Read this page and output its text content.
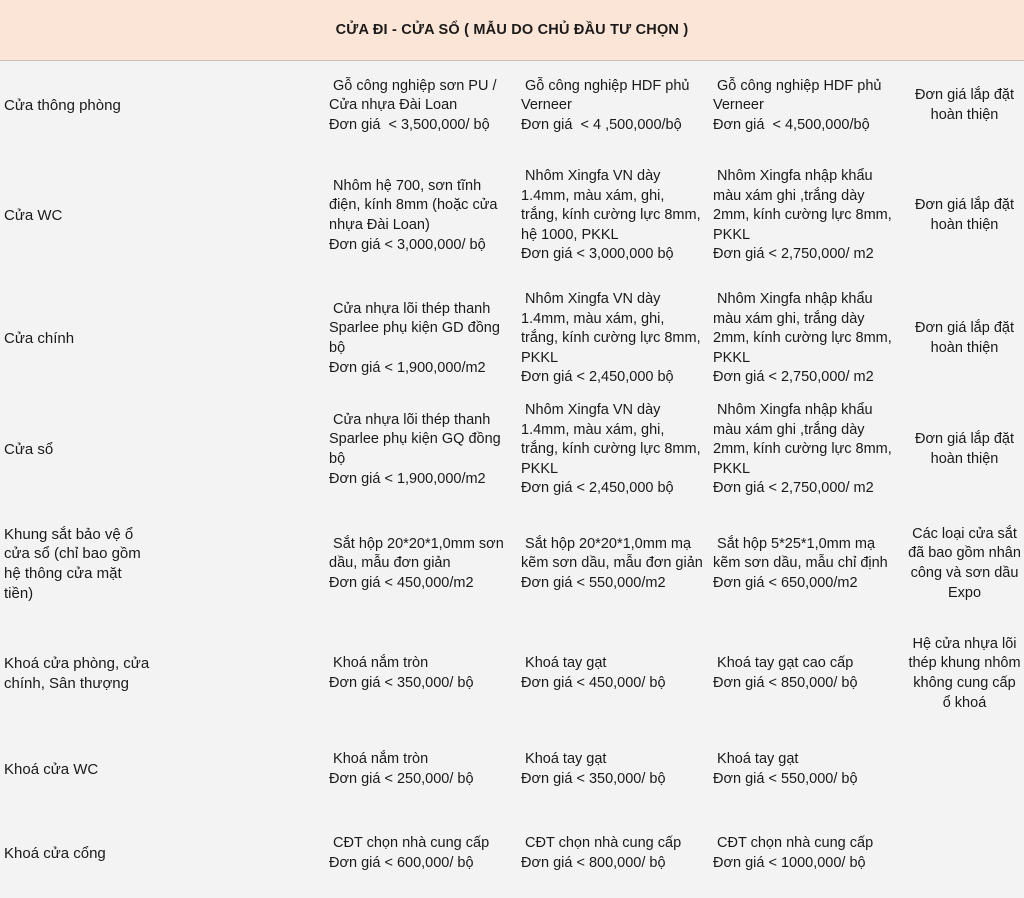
CỬA ĐI - CỬA SỔ ( MẪU DO CHỦ ĐẦU TƯ CHỌN )
Cửa thông phòng
Gỗ công nghiệp sơn PU /
Cửa nhựa Đài Loan
Đơn giá  < 3,500,000/ bộ
Gỗ công nghiệp HDF phủ
Verneer
Đơn giá  < 4 ,500,000/bộ
Gỗ công nghiệp HDF phủ
Verneer
Đơn giá  < 4,500,000/bộ
Đơn giá lắp đặt
hoàn thiện
Cửa WC
Nhôm hệ 700, sơn tĩnh
điện, kính 8mm (hoặc cửa
nhựa Đài Loan)
Đơn giá < 3,000,000/ bộ
Nhôm Xingfa VN dày
1.4mm, màu xám, ghi,
trắng, kính cường lực 8mm,
hệ 1000, PKKL
Đơn giá < 3,000,000 bộ
Nhôm Xingfa nhập khẩu
màu xám ghi ,trắng dày
2mm, kính cường lực 8mm,
PKKL
Đơn giá < 2,750,000/ m2
Đơn giá lắp đặt
hoàn thiện
Cửa chính
Cửa nhựa lõi thép thanh
Sparlee phụ kiện GD đồng
bộ
Đơn giá < 1,900,000/m2
Nhôm Xingfa VN dày
1.4mm, màu xám, ghi,
trắng, kính cường lực 8mm,
PKKL
Đơn giá < 2,450,000 bộ
Nhôm Xingfa nhập khẩu
màu xám ghi, trắng dày
2mm, kính cường lực 8mm,
PKKL
Đơn giá < 2,750,000/ m2
Đơn giá lắp đặt
hoàn thiện
Cửa sổ
Cửa nhựa lõi thép thanh
Sparlee phụ kiện GQ đồng
bộ
Đơn giá < 1,900,000/m2
Nhôm Xingfa VN dày
1.4mm, màu xám, ghi,
trắng, kính cường lực 8mm,
PKKL
Đơn giá < 2,450,000 bộ
Nhôm Xingfa nhập khẩu
màu xám ghi ,trắng dày
2mm, kính cường lực 8mm,
PKKL
Đơn giá < 2,750,000/ m2
Đơn giá lắp đặt
hoàn thiện
Khung sắt bảo vệ ổ
cửa sổ (chỉ bao gồm
hệ thông cửa mặt
tiền)
Sắt hộp 20*20*1,0mm sơn
dầu, mẫu đơn giản
Đơn giá < 450,000/m2
Sắt hộp 20*20*1,0mm mạ
kẽm sơn dầu, mẫu đơn giản
Đơn giá < 550,000/m2
Sắt hộp 5*25*1,0mm mạ
kẽm sơn dầu, mẫu chỉ định
Đơn giá < 650,000/m2
Các loại cửa sắt
đã bao gồm nhân
công và sơn dầu
Expo
Khoá cửa phòng, cửa
chính, Sân thượng
Khoá nắm tròn
Đơn giá < 350,000/ bộ
Khoá tay gạt
Đơn giá < 450,000/ bộ
Khoá tay gạt cao cấp
Đơn giá < 850,000/ bộ
Hệ cửa nhựa lõi
thép khung nhôm
không cung cấp
ổ khoá
Khoá cửa WC
Khoá nắm tròn
Đơn giá < 250,000/ bộ
Khoá tay gạt
Đơn giá < 350,000/ bộ
Khoá tay gạt
Đơn giá < 550,000/ bộ
Khoá cửa cổng
CĐT chọn nhà cung cấp
Đơn giá < 600,000/ bộ
CĐT chọn nhà cung cấp
Đơn giá < 800,000/ bộ
CĐT chọn nhà cung cấp
Đơn giá < 1000,000/ bộ
